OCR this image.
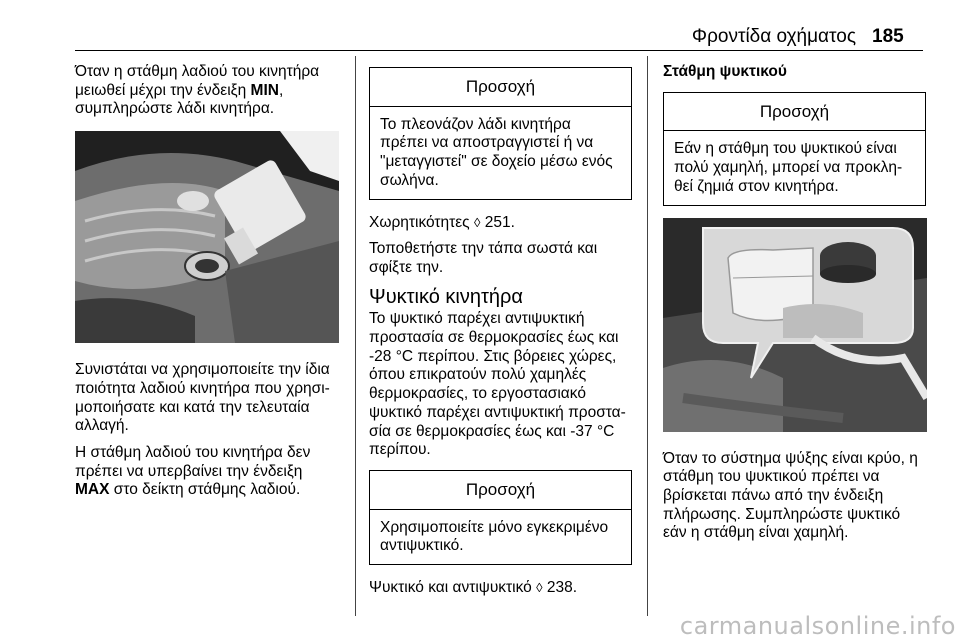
Φροντίδα οχήματος 185

Όταν η στάθμη λαδιού του κινητήρα μειωθεί μέχρι την ένδειξη MIN, συμπληρώστε λάδι κινητήρα.

Συνιστάται να χρησιμοποιείτε την ίδια ποιότητα λαδιού κινητήρα που χρησι-μοποιήσατε και κατά την τελευταία αλλαγή.

Η στάθμη λαδιού του κινητήρα δεν πρέπει να υπερβαίνει την ένδειξη MAX στο δείκτη στάθμης λαδιού.

Προσοχή
Το πλεονάζον λάδι κινητήρα πρέπει να αποστραγγιστεί ή να "μεταγγιστεί" σε δοχείο μέσω ενός σωλήνα.

Χωρητικότητες ◊ 251.

Τοποθετήστε την τάπα σωστά και σφίξτε την.

Ψυκτικό κινητήρα

Το ψυκτικό παρέχει αντιψυκτική προστασία σε θερμοκρασίες έως και -28 °C περίπου. Στις βόρειες χώρες, όπου επικρατούν πολύ χαμηλές θερμοκρασίες, το εργοστασιακό ψυκτικό παρέχει αντιψυκτική προστα-σία σε θερμοκρασίες έως και -37 °C περίπου.

Προσοχή
Χρησιμοποιείτε μόνο εγκεκριμένο αντιψυκτικό.

Ψυκτικό και αντιψυκτικό ◊ 238.

Στάθμη ψυκτικού
Προσοχή
Εάν η στάθμη του ψυκτικού είναι πολύ χαμηλή, μπορεί να προκλη-θεί ζημιά στον κινητήρα.

Όταν το σύστημα ψύξης είναι κρύο, η στάθμη του ψυκτικού πρέπει να βρίσκεται πάνω από την ένδειξη πλήρωσης. Συμπληρώστε ψυκτικό εάν η στάθμη είναι χαμηλή.

carmanualsonline.info
